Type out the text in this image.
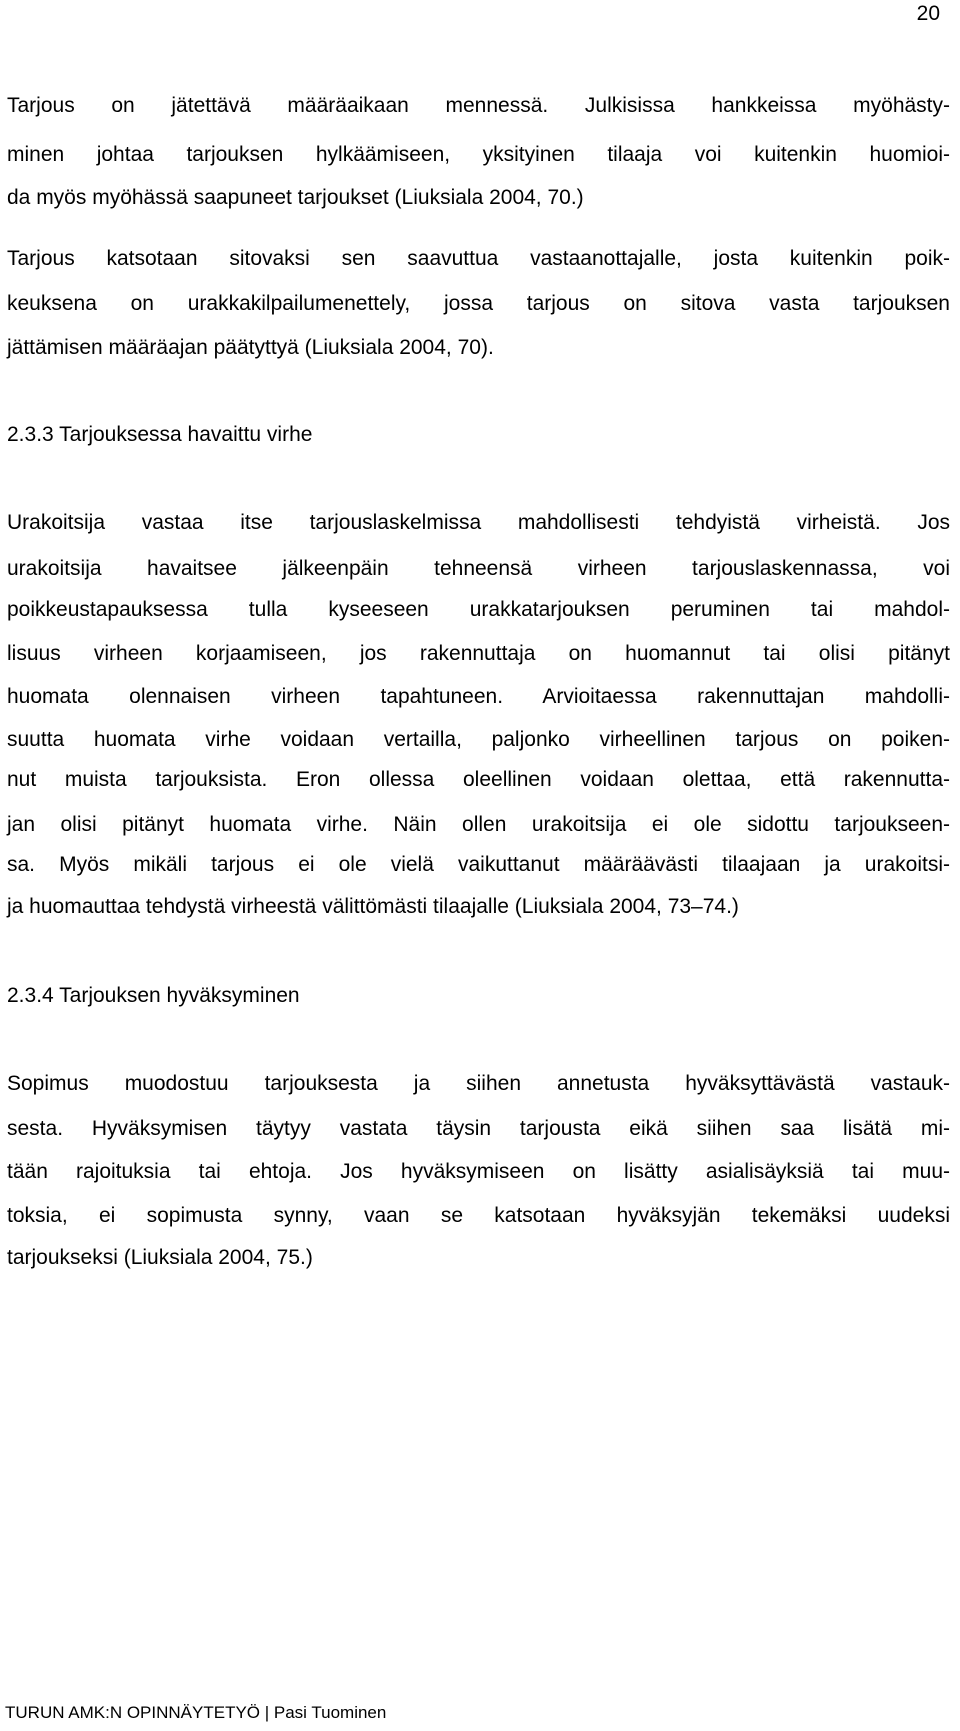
20
Tarjous on jätettävä määräaikaan mennessä. Julkisissa hankkeissa myöhästy-
minen johtaa tarjouksen hylkäämiseen, yksityinen tilaaja voi kuitenkin huomioi-
da myös myöhässä saapuneet tarjoukset (Liuksiala 2004, 70.)
Tarjous katsotaan sitovaksi sen saavuttua vastaanottajalle, josta kuitenkin poik-
keuksena on urakkakilpailumenettely, jossa tarjous on sitova vasta tarjouksen
jättämisen määräajan päätyttyä (Liuksiala 2004, 70).
2.3.3 Tarjouksessa havaittu virhe
Urakoitsija vastaa itse tarjouslaskelmissa mahdollisesti tehdyistä virheistä. Jos
urakoitsija havaitsee jälkeenpäin tehneensä virheen tarjouslaskennassa, voi
poikkeustapauksessa tulla kyseeseen urakkatarjouksen peruminen tai mahdol-
lisuus virheen korjaamiseen, jos rakennuttaja on huomannut tai olisi pitänyt
huomata olennaisen virheen tapahtuneen. Arvioitaessa rakennuttajan mahdolli-
suutta huomata virhe voidaan vertailla, paljonko virheellinen tarjous on poiken-
nut muista tarjouksista. Eron ollessa oleellinen voidaan olettaa, että rakennutta-
jan olisi pitänyt huomata virhe. Näin ollen urakoitsija ei ole sidottu tarjoukseen-
sa. Myös mikäli tarjous ei ole vielä vaikuttanut määräävästi tilaajaan ja urakoitsi-
ja huomauttaa tehdystä virheestä välittömästi tilaajalle (Liuksiala 2004, 73–74.)
2.3.4 Tarjouksen hyväksyminen
Sopimus muodostuu tarjouksesta ja siihen annetusta hyväksyttävästä vastauk-
sesta. Hyväksymisen täytyy vastata täysin tarjousta eikä siihen saa lisätä mi-
tään rajoituksia tai ehtoja. Jos hyväksymiseen on lisätty asialisäyksiä tai muu-
toksia, ei sopimusta synny, vaan se katsotaan hyväksyjän tekemäksi uudeksi
tarjoukseksi (Liuksiala 2004, 75.)
TURUN AMK:N OPINNÄYTETYÖ | Pasi Tuominen
